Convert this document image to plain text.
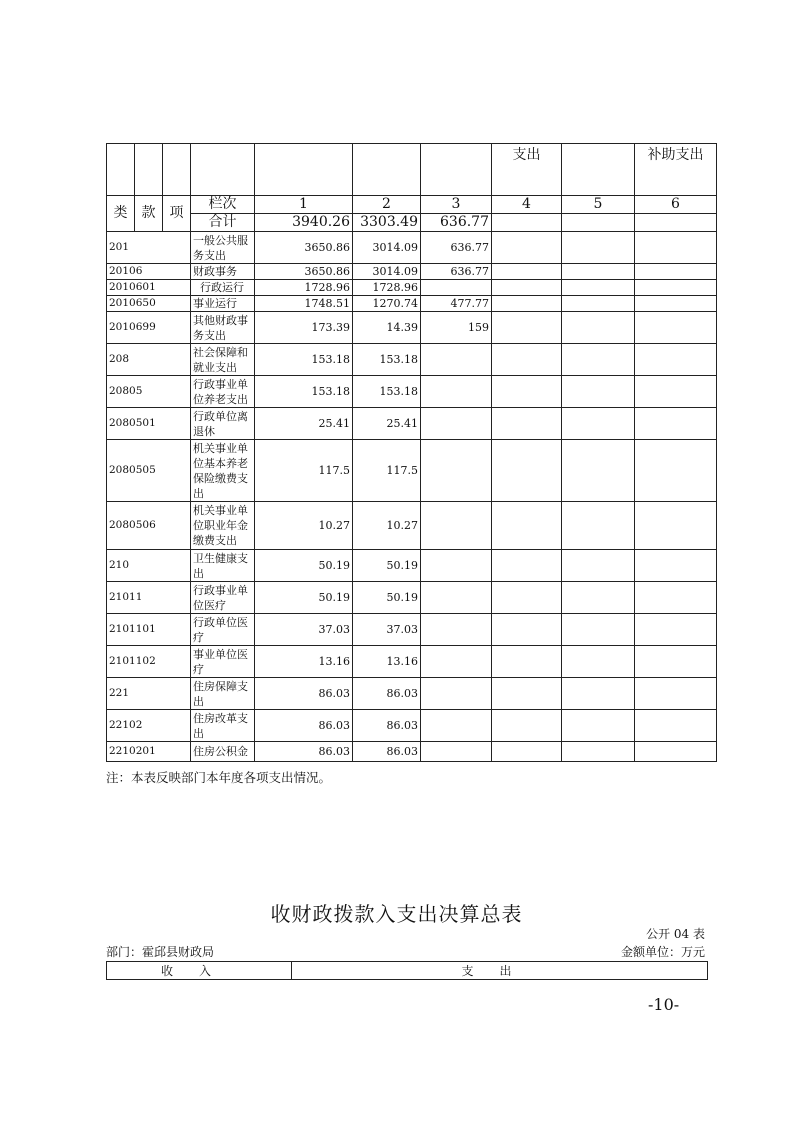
							支出		补助支出
类	款	项	栏次	1	2	3	4	5	6
			合计	3940.26	3303.49	636.77			
201			一般公共服务支出	3650.86	3014.09	636.77			
20106			财政事务	3650.86	3014.09	636.77			
2010601			行政运行	1728.96	1728.96				
2010650			事业运行	1748.51	1270.74	477.77			
2010699			其他财政事务支出	173.39	14.39	159			
208			社会保障和就业支出	153.18	153.18				
20805			行政事业单位养老支出	153.18	153.18				
2080501			行政单位离退休	25.41	25.41				
2080505			机关事业单位基本养老保险缴费支出	117.5	117.5				
2080506			机关事业单位职业年金缴费支出	10.27	10.27				
210			卫生健康支出	50.19	50.19				
21011			行政事业单位医疗	50.19	50.19				
2101101			行政单位医疗	37.03	37.03				
2101102			事业单位医疗	13.16	13.16				
221			住房保障支出	86.03	86.03				
22102			住房改革支出	86.03	86.03				
2210201			住房公积金	86.03	86.03				
注：本表反映部门本年度各项支出情况。
收财政拨款入支出决算总表
公开 04 表
部门：霍邱县财政局	金额单位：万元
收入	支出
-10-
